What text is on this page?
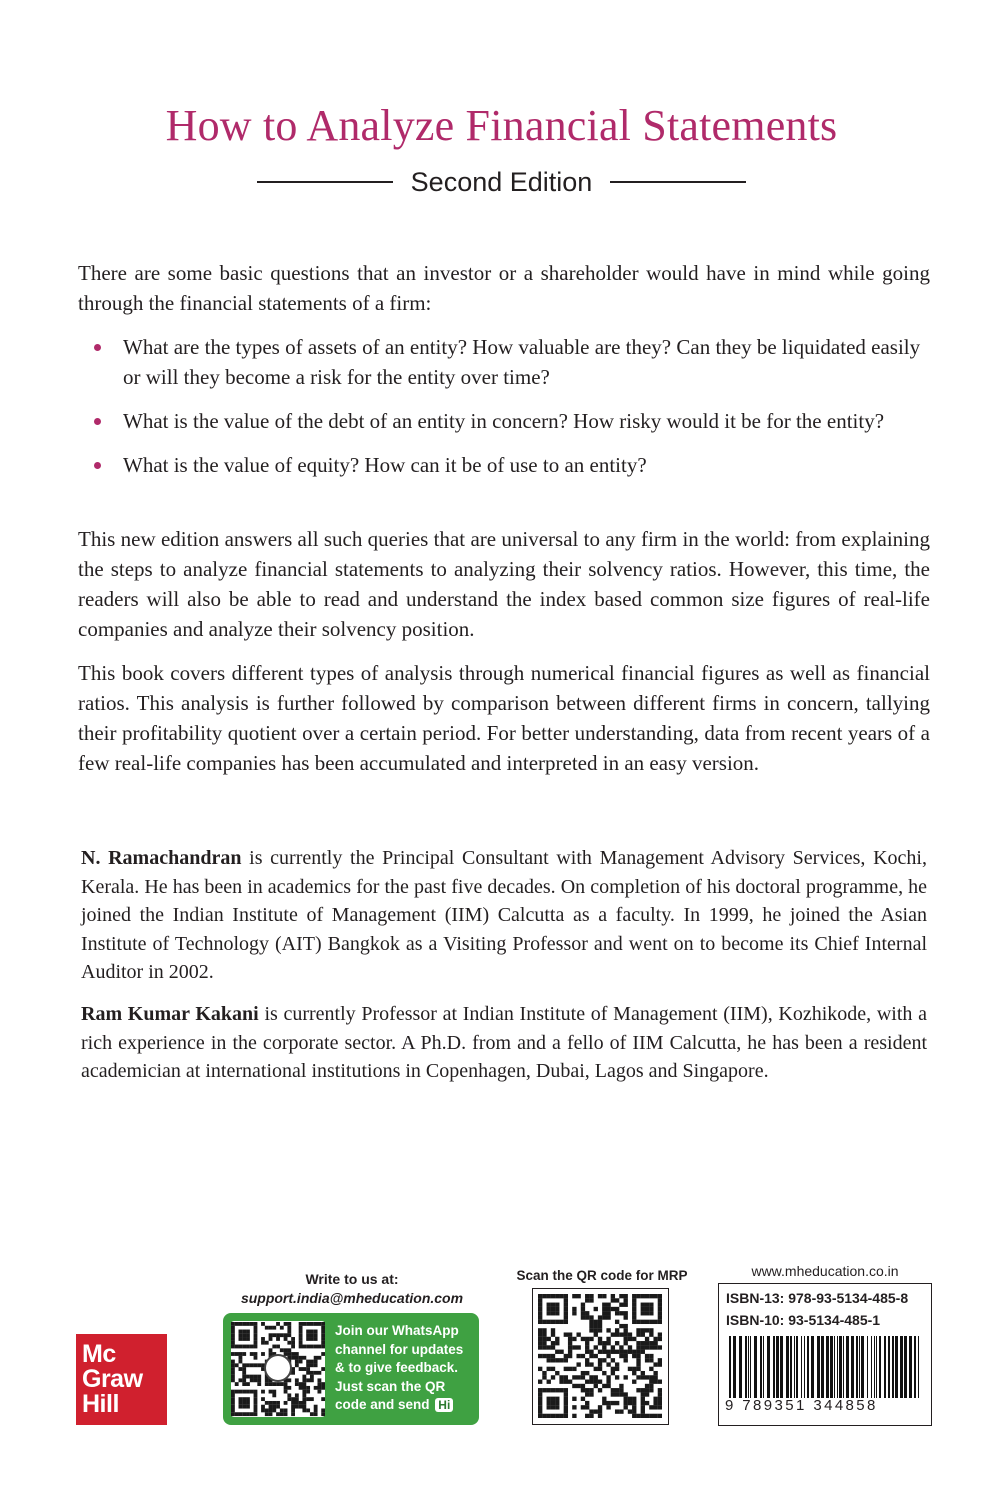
How to Analyze Financial Statements
Second Edition

There are some basic questions that an investor or a shareholder would have in mind while going through the financial statements of a firm:

What are the types of assets of an entity? How valuable are they? Can they be liquidated easily or will they become a risk for the entity over time?
What is the value of the debt of an entity in concern? How risky would it be for the entity?
What is the value of equity? How can it be of use to an entity?

This new edition answers all such queries that are universal to any firm in the world: from explaining the steps to analyze financial statements to analyzing their solvency ratios. However, this time, the readers will also be able to read and understand the index based common size figures of real-life companies and analyze their solvency position.

This book covers different types of analysis through numerical financial figures as well as financial ratios. This analysis is further followed by comparison between different firms in concern, tallying their profitability quotient over a certain period. For better understanding, data from recent years of a few real-life companies has been accumulated and interpreted in an easy version.

N. Ramachandran is currently the Principal Consultant with Management Advisory Services, Kochi, Kerala. He has been in academics for the past five decades. On completion of his doctoral programme, he joined the Indian Institute of Management (IIM) Calcutta as a faculty. In 1999, he joined the Asian Institute of Technology (AIT) Bangkok as a Visiting Professor and went on to become its Chief Internal Auditor in 2002.
Ram Kumar Kakani is currently Professor at Indian Institute of Management (IIM), Kozhikode, with a rich experience in the corporate sector. A Ph.D. from and a fello of IIM Calcutta, he has been a resident academician at international institutions in Copenhagen, Dubai, Lagos and Singapore.
Mc
Graw
Hill
Write to us at:
support.india@mheducation.com
Join our WhatsApp channel for updates & to give feedback. Just scan the QR code and send Hi
Scan the QR code for MRP	www.mheducation.co.in
ISBN-13: 978-93-5134-485-8
ISBN-10: 93-5134-485-1
9 789351 344858
